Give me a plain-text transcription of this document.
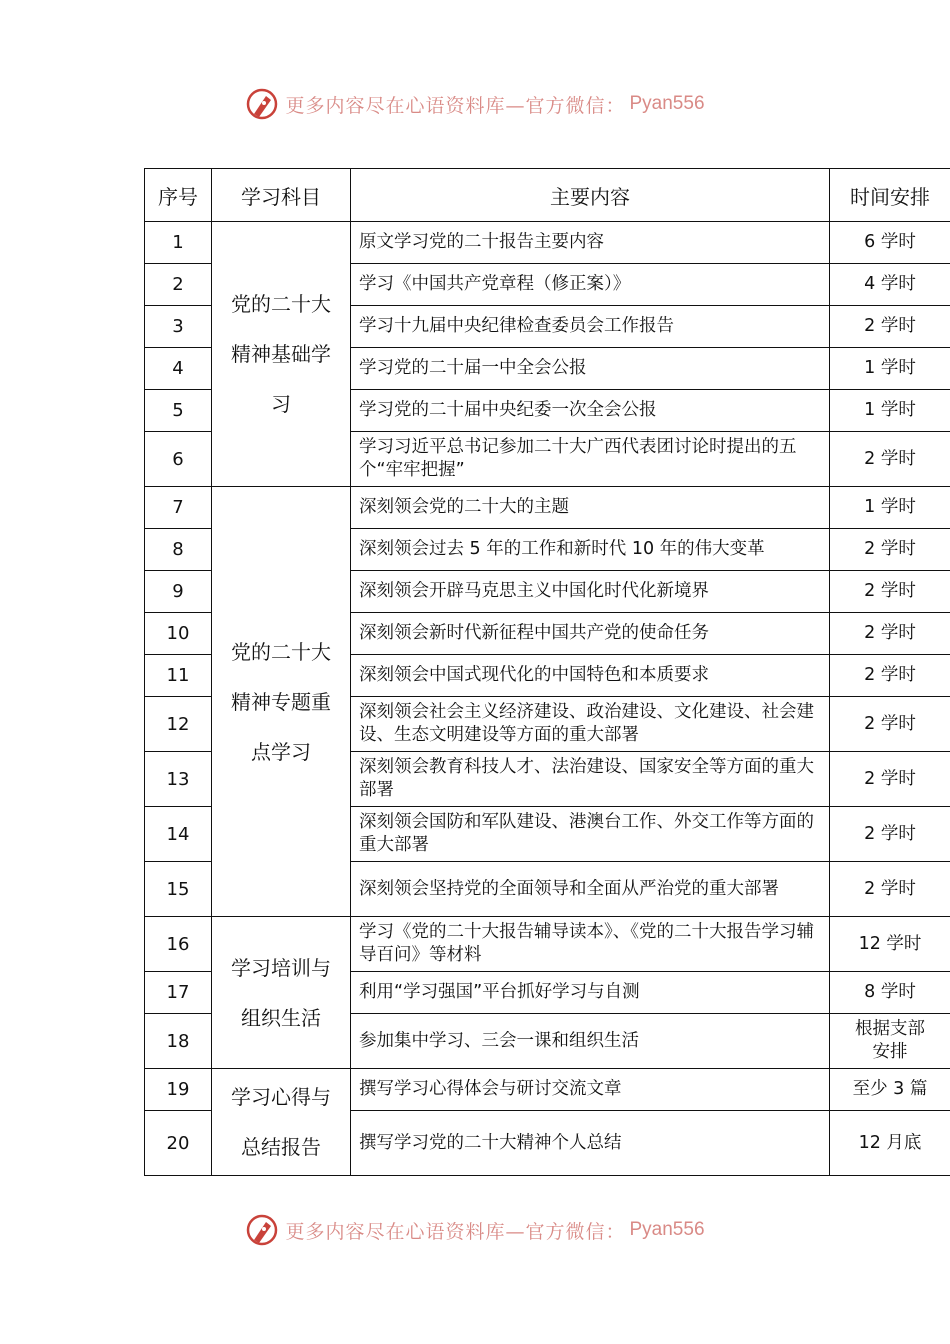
更多内容尽在心语资料库—官方微信： Pyan556
序号	学习科目	主要内容	时间安排
1	党的二十大精神基础学习	原文学习党的二十报告主要内容	6 学时
2		学习《中国共产党章程（修正案）》	4 学时
3		学习十九届中央纪律检查委员会工作报告	2 学时
4		学习党的二十届一中全会公报	1 学时
5		学习党的二十届中央纪委一次全会公报	1 学时
6		学习习近平总书记参加二十大广西代表团讨论时提出的五个“牢牢把握”	2 学时
7	党的二十大精神专题重点学习	深刻领会党的二十大的主题	1 学时
8		深刻领会过去 5 年的工作和新时代 10 年的伟大变革	2 学时
9		深刻领会开辟马克思主义中国化时代化新境界	2 学时
10		深刻领会新时代新征程中国共产党的使命任务	2 学时
11		深刻领会中国式现代化的中国特色和本质要求	2 学时
12		深刻领会社会主义经济建设、政治建设、文化建设、社会建设、生态文明建设等方面的重大部署	2 学时
13		深刻领会教育科技人才、法治建设、国家安全等方面的重大部署	2 学时
14		深刻领会国防和军队建设、港澳台工作、外交工作等方面的重大部署	2 学时
15		深刻领会坚持党的全面领导和全面从严治党的重大部署	2 学时
16	学习培训与组织生活	学习《党的二十大报告辅导读本》、《党的二十大报告学习辅导百问》等材料	12 学时
17		利用“学习强国”平台抓好学习与自测	8 学时
18		参加集中学习、三会一课和组织生活	根据支部安排

19	学习心得与总结报告	撰写学习心得体会与研讨交流文章	至少 3 篇
20		撰写学习党的二十大精神个人总结	12 月底
更多内容尽在心语资料库—官方微信： Pyan556
